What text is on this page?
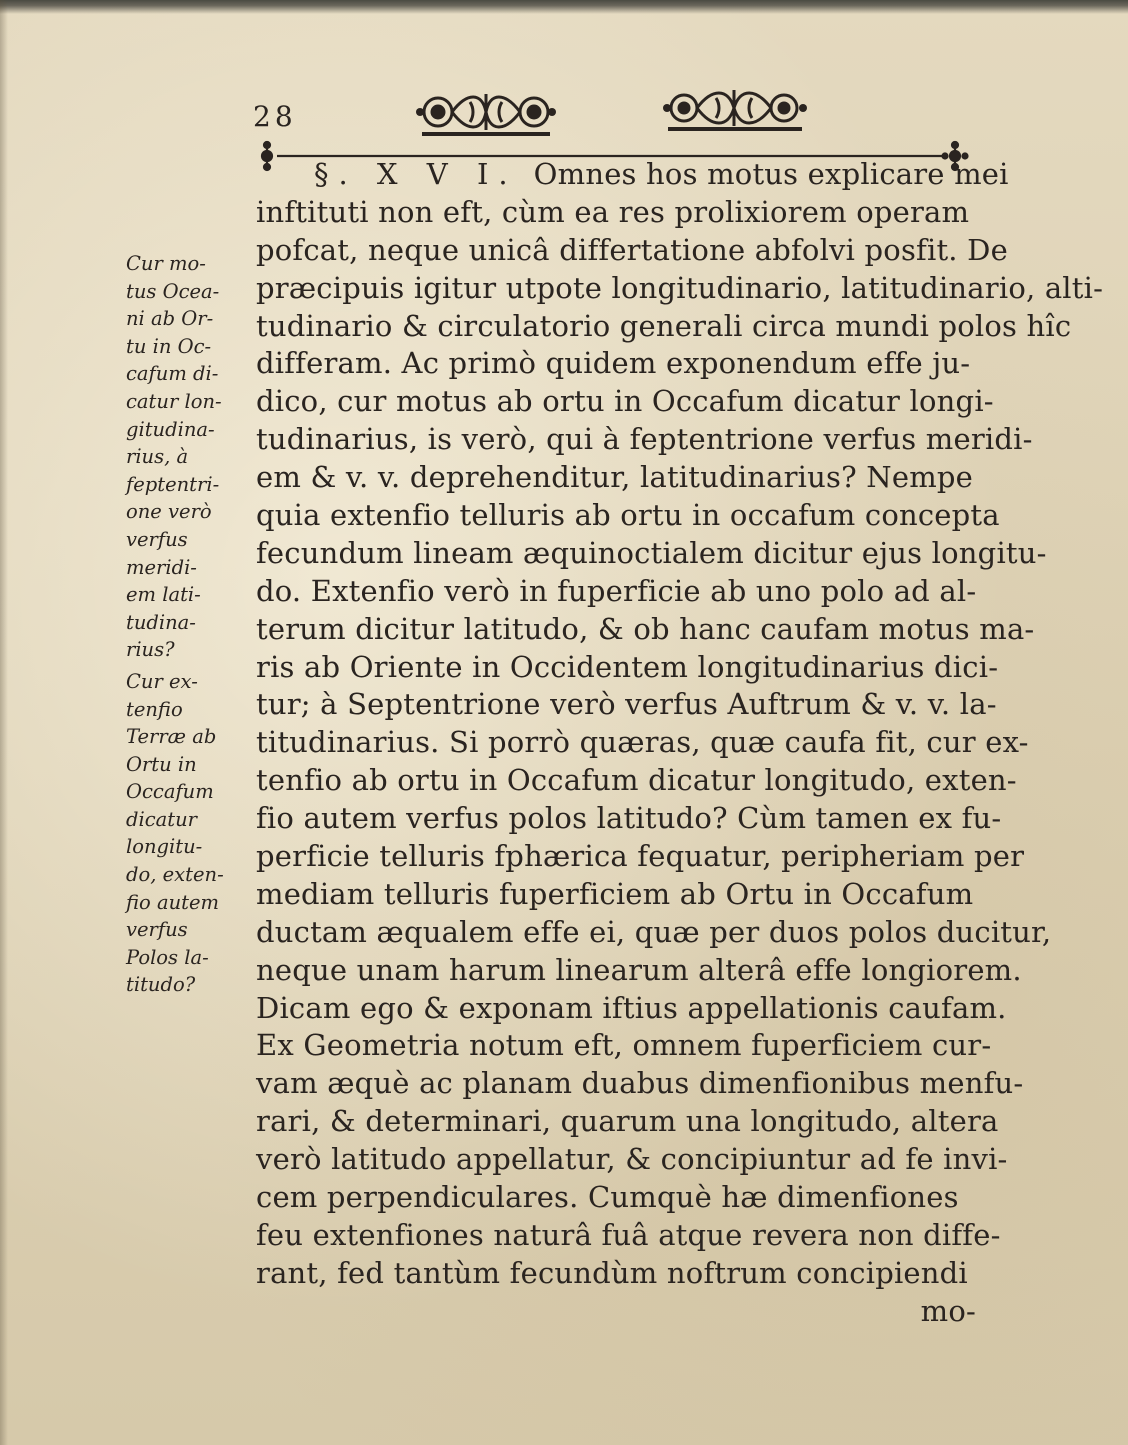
28
§. X V I. Omnes hos motus explicare mei
inftituti non eft, cùm ea res prolixiorem operam
pofcat, neque unicâ differtatione abfolvi posfit. De
præcipuis igitur utpote longitudinario, latitudinario, alti-
tudinario & circulatorio generali circa mundi polos hîc
differam. Ac primò quidem exponendum effe ju-
dico, cur motus ab ortu in Occafum dicatur longi-
tudinarius, is verò, qui à feptentrione verfus meridi-
em & v. v. deprehenditur, latitudinarius? Nempe
quia extenfio telluris ab ortu in occafum concepta
fecundum lineam æquinoctialem dicitur ejus longitu-
do. Extenfio verò in fuperficie ab uno polo ad al-
terum dicitur latitudo, & ob hanc caufam motus ma-
ris ab Oriente in Occidentem longitudinarius dici-
tur; à Septentrione verò verfus Auftrum & v. v. la-
titudinarius. Si porrò quæras, quæ caufa fit, cur ex-
tenfio ab ortu in Occafum dicatur longitudo, exten-
fio autem verfus polos latitudo? Cùm tamen ex fu-
perficie telluris fphærica fequatur, peripheriam per
mediam telluris fuperficiem ab Ortu in Occafum
ductam æqualem effe ei, quæ per duos polos ducitur,
neque unam harum linearum alterâ effe longiorem.
Dicam ego & exponam iftius appellationis caufam.
Ex Geometria notum eft, omnem fuperficiem cur-
vam æquè ac planam duabus dimenfionibus menfu-
rari, & determinari, quarum una longitudo, altera
verò latitudo appellatur, & concipiuntur ad fe invi-
cem perpendiculares. Cumquè hæ dimenfiones
feu extenfiones naturâ fuâ atque revera non diffe-
rant, fed tantùm fecundùm noftrum concipiendi
mo-
Cur mo-
tus Ocea-
ni ab Or-
tu in Oc-
cafum di-
catur lon-
gitudina-
rius, à
feptentri-
one verò
verfus
meridi-
em lati-
tudina-
rius?
Cur ex-
tenfio
Terræ ab
Ortu in
Occafum
dicatur
longitu-
do, exten-
fio autem
verfus
Polos la-
titudo?
